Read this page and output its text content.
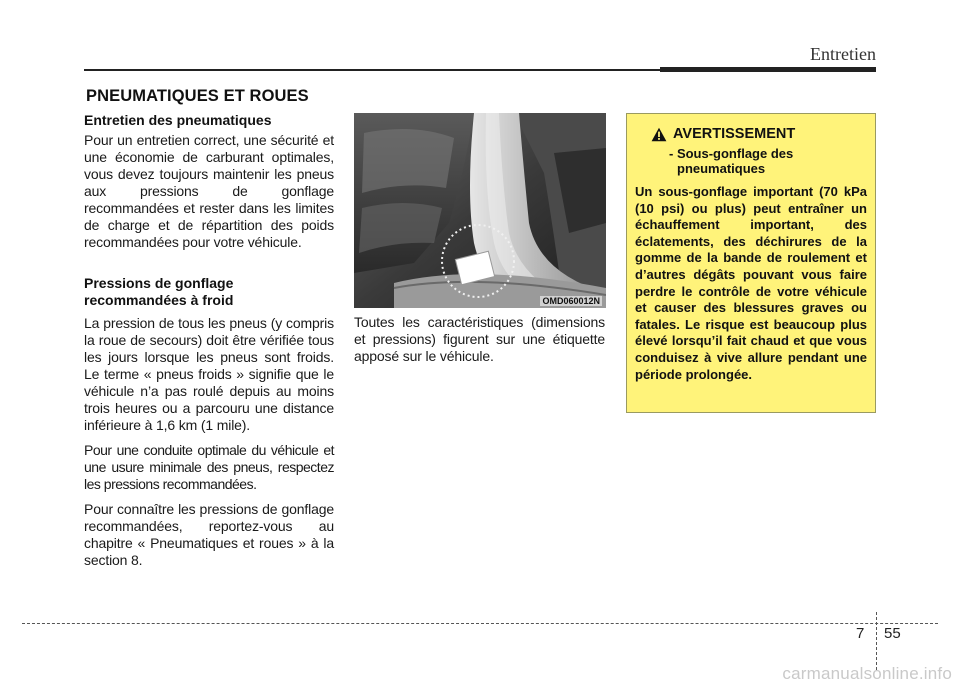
Entretien
PNEUMATIQUES ET ROUES
Entretien des pneumatiques

Pour un entretien correct, une sécurité et une économie de carburant optimales, vous devez toujours maintenir les pneus aux pressions de gonflage recommandées et rester dans les limites de charge et de répartition des poids recommandées pour votre véhicule.

Pressions de gonflage recommandées à froid

La pression de tous les pneus (y compris la roue de secours) doit être vérifiée tous les jours lorsque les pneus sont froids. Le terme « pneus froids » signifie que le véhicule n’a pas roulé depuis au moins trois heures ou a parcouru une distance inférieure à 1,6 km (1 mile).

Pour une conduite optimale du véhicule et une usure minimale des pneus, respectez les pressions recommandées.

Pour connaître les pressions de gonflage recommandées, reportez-vous au chapitre « Pneumatiques et roues » à la section 8.

OMD060012N

Toutes les caractéristiques (dimensions et pressions) figurent sur une étiquette apposé sur le véhicule.

AVERTISSEMENT
- Sous-gonflage des pneumatiques
Un sous-gonflage important (70 kPa (10 psi) ou plus) peut entraîner un échauffement important, des éclatements, des déchirures de la gomme de la bande de roulement et d’autres dégâts pouvant vous faire perdre le contrôle de votre véhicule et causer des blessures graves ou fatales. Le risque est beaucoup plus élevé lorsqu’il fait chaud et que vous conduisez à vive allure pendant une période prolongée.
7 55
carmanualsonline.info
